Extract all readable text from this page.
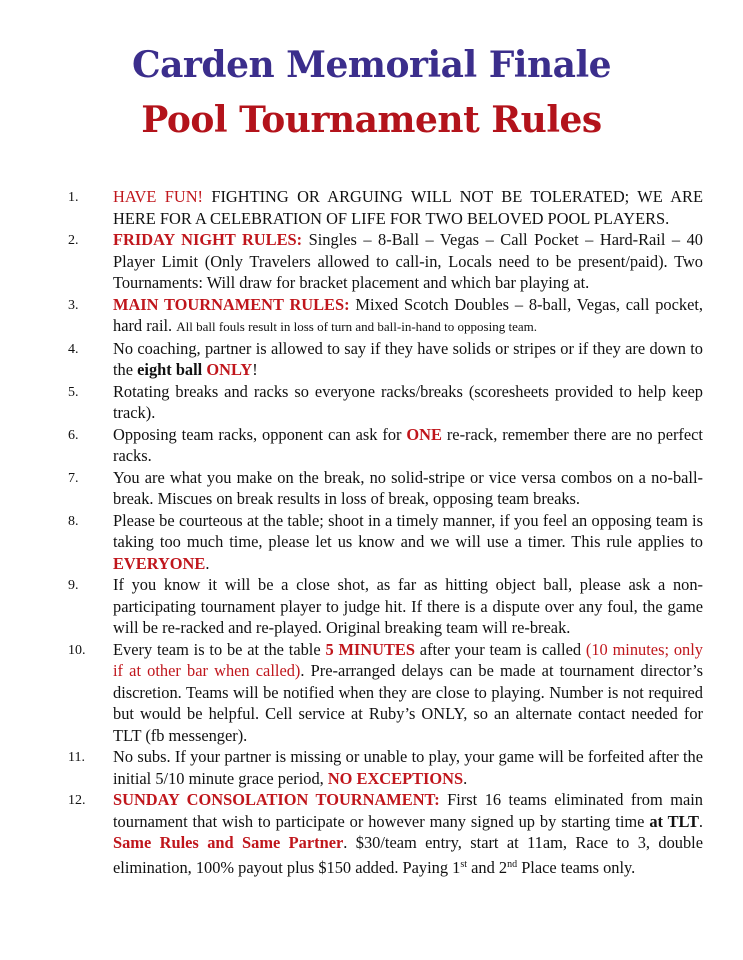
Carden Memorial Finale
Pool Tournament Rules
1. HAVE FUN! FIGHTING OR ARGUING WILL NOT BE TOLERATED; WE ARE HERE FOR A CELEBRATION OF LIFE FOR TWO BELOVED POOL PLAYERS.
2. FRIDAY NIGHT RULES: Singles – 8-Ball – Vegas – Call Pocket – Hard-Rail – 40 Player Limit (Only Travelers allowed to call-in, Locals need to be present/paid). Two Tournaments: Will draw for bracket placement and which bar playing at.
3. MAIN TOURNAMENT RULES: Mixed Scotch Doubles – 8-ball, Vegas, call pocket, hard rail. All ball fouls result in loss of turn and ball-in-hand to opposing team.
4. No coaching, partner is allowed to say if they have solids or stripes or if they are down to the eight ball ONLY!
5. Rotating breaks and racks so everyone racks/breaks (scoresheets provided to help keep track).
6. Opposing team racks, opponent can ask for ONE re-rack, remember there are no perfect racks.
7. You are what you make on the break, no solid-stripe or vice versa combos on a no-ball-break. Miscues on break results in loss of break, opposing team breaks.
8. Please be courteous at the table; shoot in a timely manner, if you feel an opposing team is taking too much time, please let us know and we will use a timer. This rule applies to EVERYONE.
9. If you know it will be a close shot, as far as hitting object ball, please ask a non-participating tournament player to judge hit. If there is a dispute over any foul, the game will be re-racked and re-played. Original breaking team will re-break.
10. Every team is to be at the table 5 MINUTES after your team is called (10 minutes; only if at other bar when called). Pre-arranged delays can be made at tournament director’s discretion. Teams will be notified when they are close to playing. Number is not required but would be helpful. Cell service at Ruby’s ONLY, so an alternate contact needed for TLT (fb messenger).
11. No subs. If your partner is missing or unable to play, your game will be forfeited after the initial 5/10 minute grace period, NO EXCEPTIONS.
12. SUNDAY CONSOLATION TOURNAMENT: First 16 teams eliminated from main tournament that wish to participate or however many signed up by starting time at TLT. Same Rules and Same Partner. $30/team entry, start at 11am, Race to 3, double elimination, 100% payout plus $150 added. Paying 1st and 2nd Place teams only.
